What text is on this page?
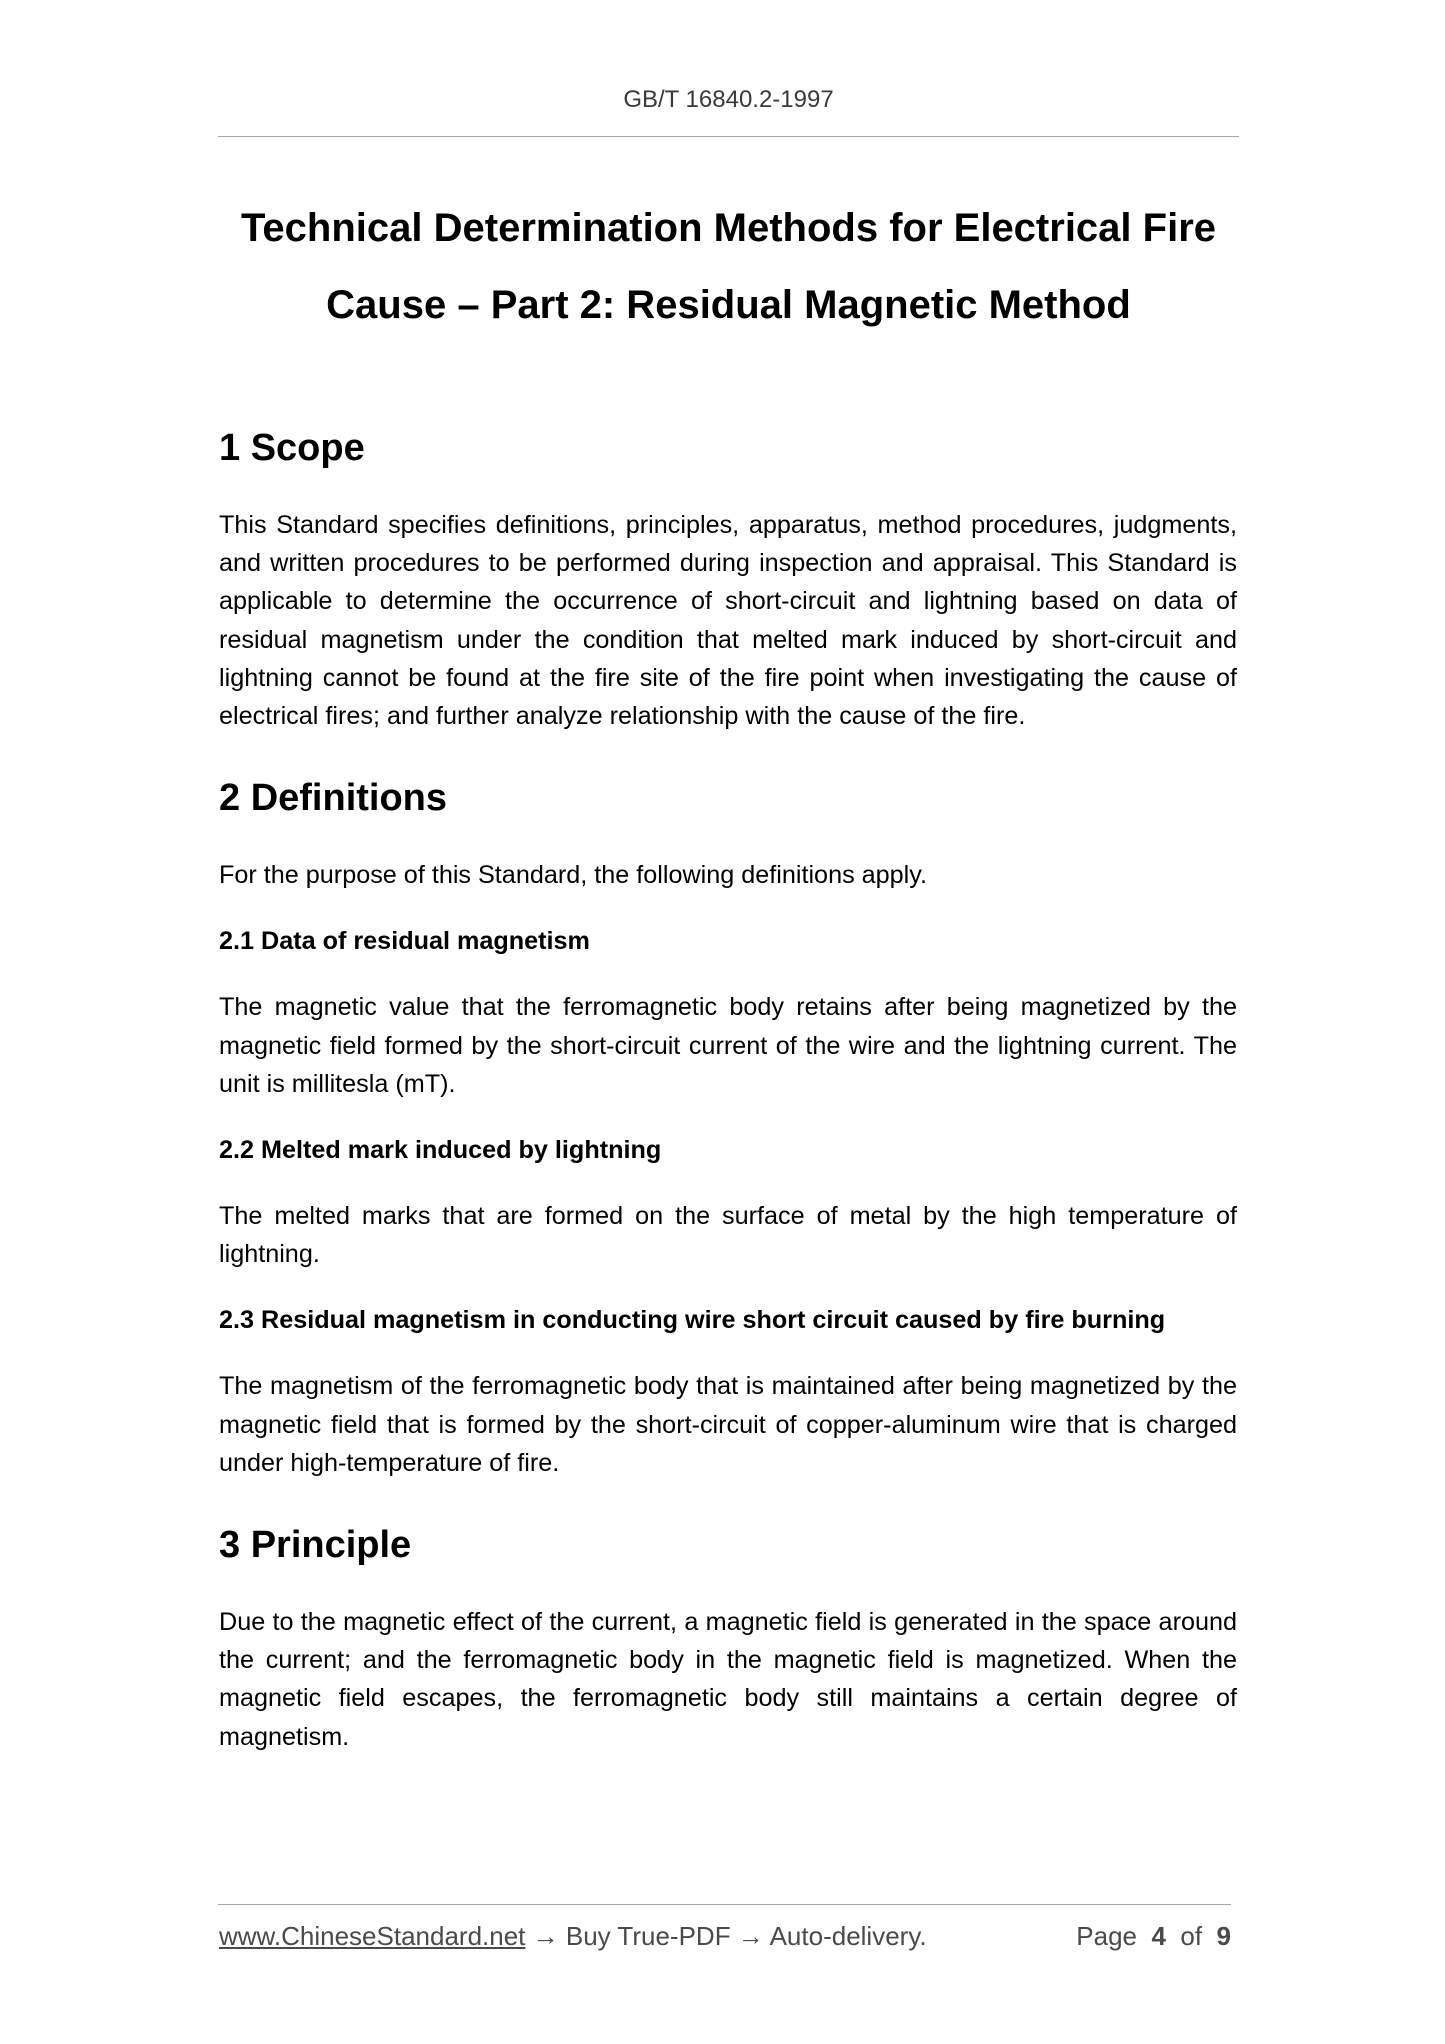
GB/T 16840.2-1997
Technical Determination Methods for Electrical Fire
Cause – Part 2: Residual Magnetic Method
1 Scope

This Standard specifies definitions, principles, apparatus, method procedures, judgments, and written procedures to be performed during inspection and appraisal. This Standard is applicable to determine the occurrence of short-circuit and lightning based on data of residual magnetism under the condition that melted mark induced by short-circuit and lightning cannot be found at the fire site of the fire point when investigating the cause of electrical fires; and further analyze relationship with the cause of the fire.

2 Definitions

For the purpose of this Standard, the following definitions apply.

2.1 Data of residual magnetism

The magnetic value that the ferromagnetic body retains after being magnetized by the magnetic field formed by the short-circuit current of the wire and the lightning current. The unit is millitesla (mT).

2.2 Melted mark induced by lightning

The melted marks that are formed on the surface of metal by the high temperature of lightning.

2.3 Residual magnetism in conducting wire short circuit caused by fire burning

The magnetism of the ferromagnetic body that is maintained after being magnetized by the magnetic field that is formed by the short-circuit of copper-aluminum wire that is charged under high-temperature of fire.

3 Principle

Due to the magnetic effect of the current, a magnetic field is generated in the space around the current; and the ferromagnetic body in the magnetic field is magnetized. When the magnetic field escapes, the ferromagnetic body still maintains a certain degree of magnetism.

www.ChineseStandard.net → Buy True-PDF → Auto-delivery.	Page 4 of 9
